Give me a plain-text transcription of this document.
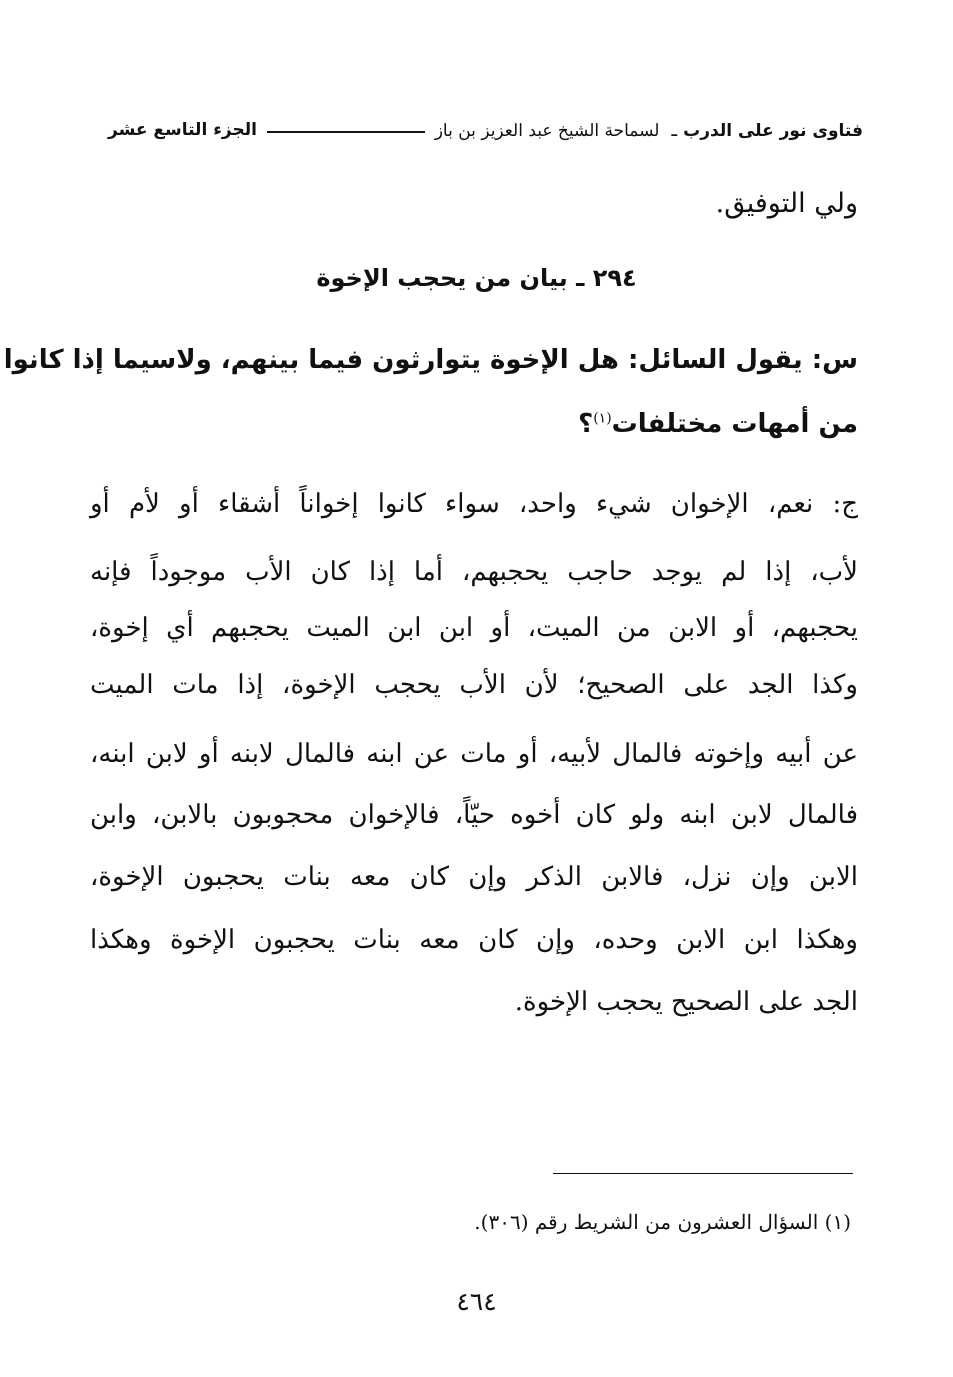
فتاوى نور على الدرب ـ لسماحة الشيخ عبد العزيز بن باز
الجزء التاسع عشر
ولي التوفيق.
٢٩٤ ـ بيان من يحجب الإخوة
س: يقول السائل: هل الإخوة يتوارثون فيما بينهم، ولاسيما إذا كانوا
من أمهات مختلفات$^{(١)}$؟
ج: نعم، الإخوان شيء واحد، سواء كانوا إخواناً أشقاء أو لأم أو
لأب، إذا لم يوجد حاجب يحجبهم، أما إذا كان الأب موجوداً فإنه
يحجبهم، أو الابن من الميت، أو ابن ابن الميت يحجبهم أي إخوة،
وكذا الجد على الصحيح؛ لأن الأب يحجب الإخوة، إذا مات الميت
عن أبيه وإخوته فالمال لأبيه، أو مات عن ابنه فالمال لابنه أو لابن ابنه،
فالمال لابن ابنه ولو كان أخوه حيّاً، فالإخوان محجوبون بالابن، وابن
الابن وإن نزل، فالابن الذكر وإن كان معه بنات يحجبون الإخوة،
وهكذا ابن الابن وحده، وإن كان معه بنات يحجبون الإخوة وهكذا
الجد على الصحيح يحجب الإخوة.
(١) السؤال العشرون من الشريط رقم (٣٠٦).
٤٦٤
